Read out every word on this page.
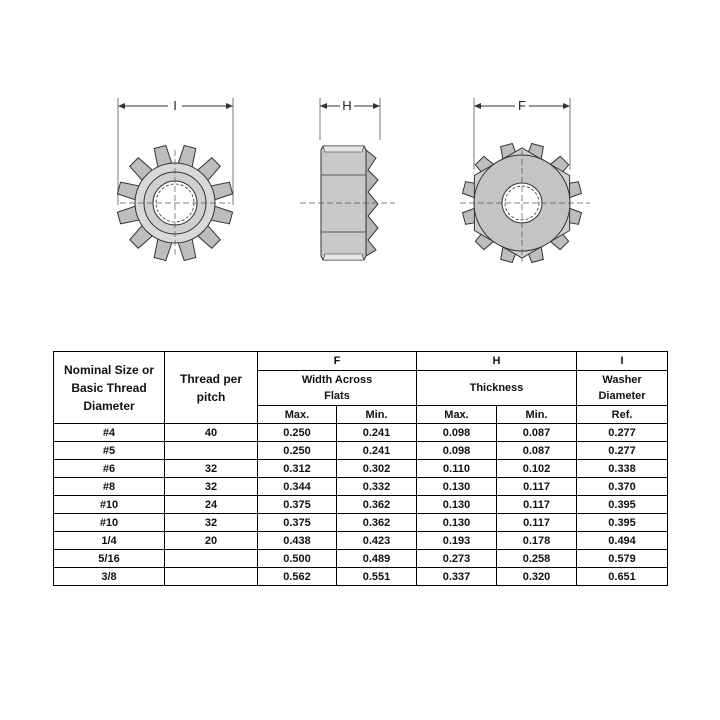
I	H	F
Nominal Size or Basic Thread Diameter	Thread per pitch	F		H		I
		Width Across Flats		Thickness		Washer Diameter
		Max.	Min.	Max.	Min.	Ref.
#4	40	0.250	0.241	0.098	0.087	0.277
#5		0.250	0.241	0.098	0.087	0.277
#6	32	0.312	0.302	0.110	0.102	0.338
#8	32	0.344	0.332	0.130	0.117	0.370
#10	24	0.375	0.362	0.130	0.117	0.395
#10	32	0.375	0.362	0.130	0.117	0.395
1/4	20	0.438	0.423	0.193	0.178	0.494
5/16		0.500	0.489	0.273	0.258	0.579
3/8		0.562	0.551	0.337	0.320	0.651
